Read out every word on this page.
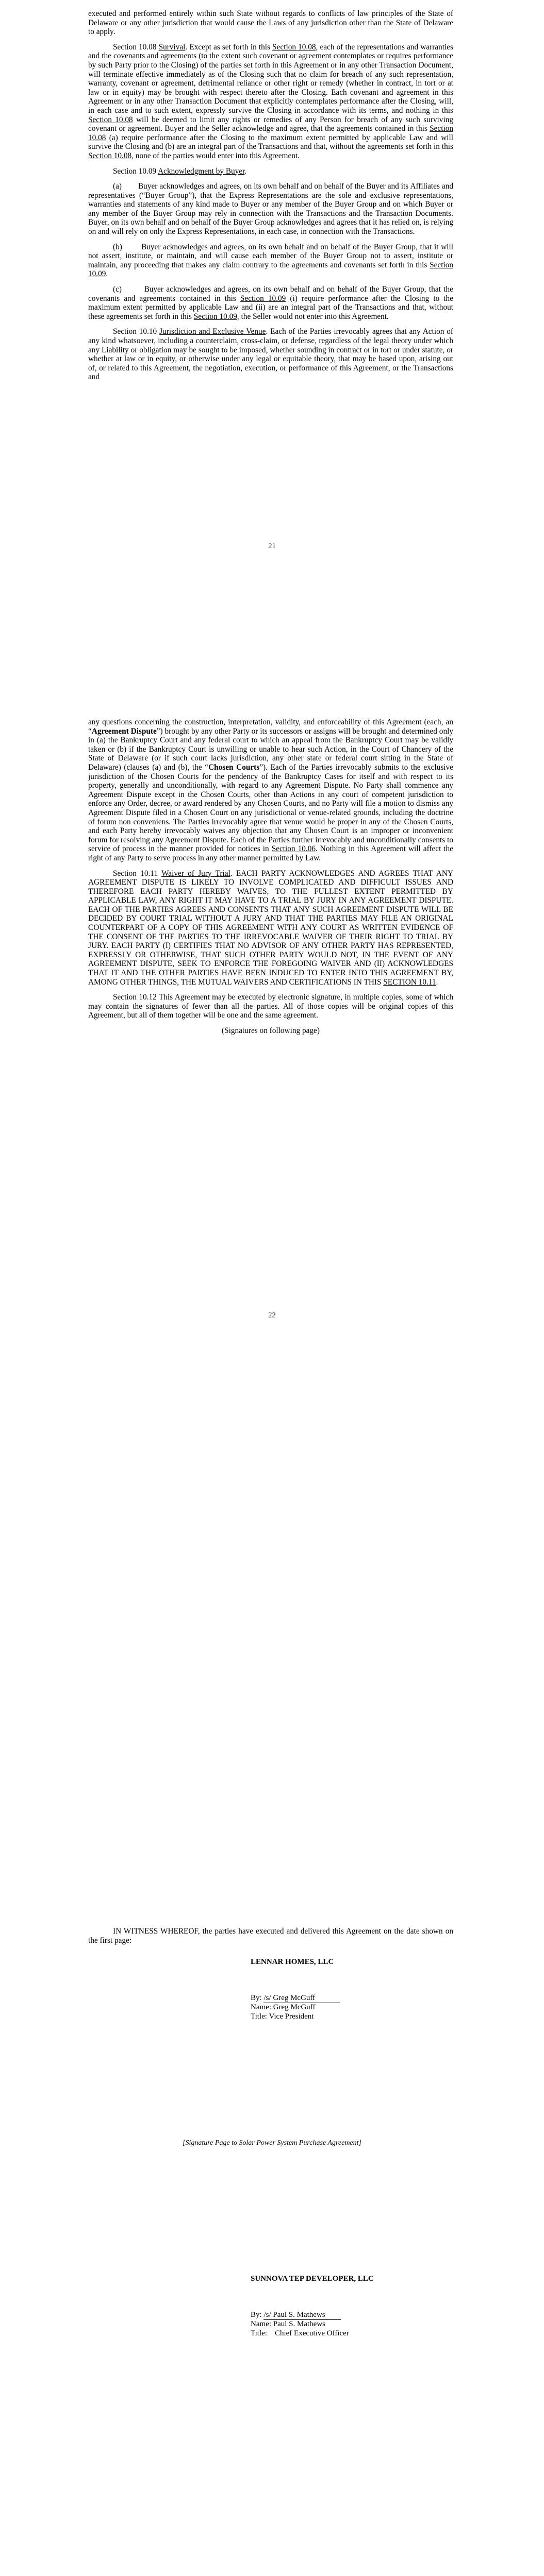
executed and performed entirely within such State without regards to conflicts of law principles of the State of Delaware or any other jurisdiction that would cause the Laws of any jurisdiction other than the State of Delaware to apply.

Section 10.08 Survival. Except as set forth in this Section 10.08, each of the representations and warranties and the covenants and agreements (to the extent such covenant or agreement contemplates or requires performance by such Party prior to the Closing) of the parties set forth in this Agreement or in any other Transaction Document, will terminate effective immediately as of the Closing such that no claim for breach of any such representation, warranty, covenant or agreement, detrimental reliance or other right or remedy (whether in contract, in tort or at law or in equity) may be brought with respect thereto after the Closing. Each covenant and agreement in this Agreement or in any other Transaction Document that explicitly contemplates performance after the Closing, will, in each case and to such extent, expressly survive the Closing in accordance with its terms, and nothing in this Section 10.08 will be deemed to limit any rights or remedies of any Person for breach of any such surviving covenant or agreement. Buyer and the Seller acknowledge and agree, that the agreements contained in this Section 10.08 (a) require performance after the Closing to the maximum extent permitted by applicable Law and will survive the Closing and (b) are an integral part of the Transactions and that, without the agreements set forth in this Section 10.08, none of the parties would enter into this Agreement.

Section 10.09 Acknowledgment by Buyer.

(a) Buyer acknowledges and agrees, on its own behalf and on behalf of the Buyer and its Affiliates and representatives (“Buyer Group”), that the Express Representations are the sole and exclusive representations, warranties and statements of any kind made to Buyer or any member of the Buyer Group and on which Buyer or any member of the Buyer Group may rely in connection with the Transactions and the Transaction Documents. Buyer, on its own behalf and on behalf of the Buyer Group acknowledges and agrees that it has relied on, is relying on and will rely on only the Express Representations, in each case, in connection with the Transactions.

(b) Buyer acknowledges and agrees, on its own behalf and on behalf of the Buyer Group, that it will not assert, institute, or maintain, and will cause each member of the Buyer Group not to assert, institute or maintain, any proceeding that makes any claim contrary to the agreements and covenants set forth in this Section 10.09.

(c)	Buyer acknowledges and agrees, on its own behalf and on behalf of the Buyer Group, that the covenants and agreements contained in this Section 10.09 (i) require performance after the Closing to the maximum extent permitted by applicable Law and (ii) are an integral part of the Transactions and that, without these agreements set forth in this Section 10.09, the Seller would not enter into this Agreement.

Section 10.10 Jurisdiction and Exclusive Venue. Each of the Parties irrevocably agrees that any Action of any kind whatsoever, including a counterclaim, cross-claim, or defense, regardless of the legal theory under which any Liability or obligation may be sought to be imposed, whether sounding in contract or in tort or under statute, or whether at law or in equity, or otherwise under any legal or equitable theory, that may be based upon, arising out of, or related to this Agreement, the negotiation, execution, or performance of this Agreement, or the Transactions and

21

any questions concerning the construction, interpretation, validity, and enforceability of this Agreement (each, an “Agreement Dispute”) brought by any other Party or its successors or assigns will be brought and determined only in (a) the Bankruptcy Court and any federal court to which an appeal from the Bankruptcy Court may be validly taken or (b) if the Bankruptcy Court is unwilling or unable to hear such Action, in the Court of Chancery of the State of Delaware (or if such court lacks jurisdiction, any other state or federal court sitting in the State of Delaware) (clauses (a) and (b), the “Chosen Courts”). Each of the Parties irrevocably submits to the exclusive jurisdiction of the Chosen Courts for the pendency of the Bankruptcy Cases for itself and with respect to its property, generally and unconditionally, with regard to any Agreement Dispute. No Party shall commence any Agreement Dispute except in the Chosen Courts, other than Actions in any court of competent jurisdiction to enforce any Order, decree, or award rendered by any Chosen Courts, and no Party will file a motion to dismiss any Agreement Dispute filed in a Chosen Court on any jurisdictional or venue-related grounds, including the doctrine of forum non conveniens. The Parties irrevocably agree that venue would be proper in any of the Chosen Courts, and each Party hereby irrevocably waives any objection that any Chosen Court is an improper or inconvenient forum for resolving any Agreement Dispute. Each of the Parties further irrevocably and unconditionally consents to service of process in the manner provided for notices in Section 10.06. Nothing in this Agreement will affect the right of any Party to serve process in any other manner permitted by Law.

Section 10.11 Waiver of Jury Trial. EACH PARTY ACKNOWLEDGES AND AGREES THAT ANY AGREEMENT DISPUTE IS LIKELY TO INVOLVE COMPLICATED AND DIFFICULT ISSUES AND THEREFORE EACH PARTY HEREBY WAIVES, TO THE FULLEST EXTENT PERMITTED BY APPLICABLE LAW, ANY RIGHT IT MAY HAVE TO A TRIAL BY JURY IN ANY AGREEMENT DISPUTE. EACH OF THE PARTIES AGREES AND CONSENTS THAT ANY SUCH AGREEMENT DISPUTE WILL BE DECIDED BY COURT TRIAL WITHOUT A JURY AND THAT THE PARTIES MAY FILE AN ORIGINAL COUNTERPART OF A COPY OF THIS AGREEMENT WITH ANY COURT AS WRITTEN EVIDENCE OF THE CONSENT OF THE PARTIES TO THE IRREVOCABLE WAIVER OF THEIR RIGHT TO TRIAL BY JURY. EACH PARTY (I) CERTIFIES THAT NO ADVISOR OF ANY OTHER PARTY HAS REPRESENTED, EXPRESSLY OR OTHERWISE, THAT SUCH OTHER PARTY WOULD NOT, IN THE EVENT OF ANY AGREEMENT DISPUTE, SEEK TO ENFORCE THE FOREGOING WAIVER AND (II) ACKNOWLEDGES THAT IT AND THE OTHER PARTIES HAVE BEEN INDUCED TO ENTER INTO THIS AGREEMENT BY, AMONG OTHER THINGS, THE MUTUAL WAIVERS AND CERTIFICATIONS IN THIS SECTION 10.11.

Section 10.12 This Agreement may be executed by electronic signature, in multiple copies, some of which may contain the signatures of fewer than all the parties. All of those copies will be original copies of this Agreement, but all of them together will be one and the same agreement.

(Signatures on following page)

22

IN WITNESS WHEREOF, the parties have executed and delivered this Agreement on the date shown on the first page:

LENNAR HOMES, LLC
By: /s/ Greg McGuff
Name: Greg McGuff
Title: Vice President
[Signature Page to Solar Power System Purchase Agreement]
SUNNOVA TEP DEVELOPER, LLC
By: /s/ Paul S. Mathews
Name: Paul S. Mathews
Title: Chief Executive Officer
